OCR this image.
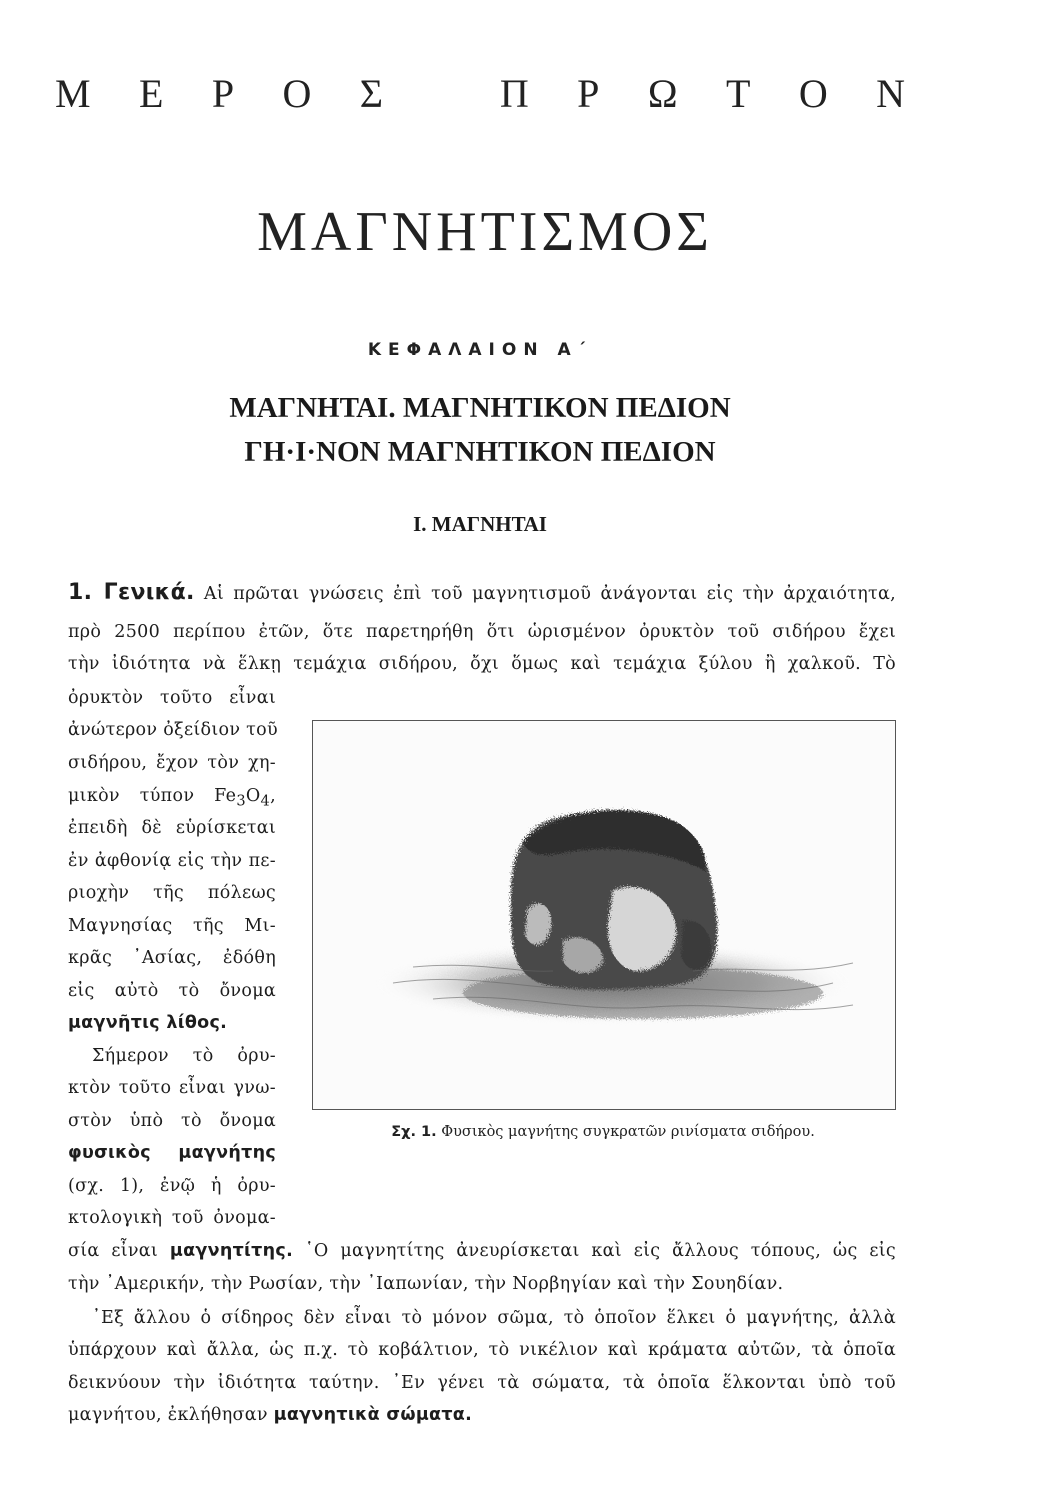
Μ Ε Ρ Ο Σ	Π Ρ Ω Τ Ο Ν
ΜΑΓΝΗΤΙΣΜΟΣ
ΚΕΦΑΛΑΙΟΝ Α΄
ΜΑΓΝΗΤΑΙ. ΜΑΓΝΗΤΙΚΟΝ ΠΕΔΙΟΝ
ΓΗ·Ι·ΝΟΝ ΜΑΓΝΗΤΙΚΟΝ ΠΕΔΙΟΝ
Ι. ΜΑΓΝΗΤΑΙ
1. Γενικά. Αἱ πρῶται γνώσεις ἐπὶ τοῦ μαγνητισμοῦ ἀνάγονται εἰς τὴν ἀρχαιότητα,
πρὸ 2500 περίπου ἐτῶν, ὅτε παρετηρήθη ὅτι ὡρισμένον ὀρυκτὸν τοῦ σιδήρου ἔχει
τὴν ἰδιότητα νὰ ἕλκῃ τεμάχια σιδήρου, ὄχι ὅμως καὶ τεμάχια ξύλου ἢ χαλκοῦ. Τὸ
ὀρυκτὸν τοῦτο εἶναι
ἀνώτερον ὀξείδιον τοῦ
σιδήρου, ἔχον τὸν χη-
μικὸν τύπον $Fe_3O_4$,
ἐπειδὴ δὲ εὑρίσκεται
ἐν ἀφθονίᾳ εἰς τὴν πε-
ριοχὴν τῆς πόλεως
Μαγνησίας τῆς Μι-
κρᾶς ᾿Ασίας, ἐδόθη
εἰς αὐτὸ τὸ ὄνομα
μαγνῆτις λίθος.
Σήμερον τὸ ὀρυ-
κτὸν τοῦτο εἶναι γνω-
στὸν ὑπὸ τὸ ὄνομα
φυσικὸς μαγνήτης
(σχ. 1), ἐνῷ ἡ ὀρυ-
κτολογικὴ τοῦ ὀνομα-
σία εἶναι μαγνητίτης. ῾Ο μαγνητίτης ἀνευρίσκεται καὶ εἰς ἄλλους τόπους, ὡς εἰς
τὴν ᾿Αμερικήν, τὴν Ρωσίαν, τὴν ᾿Ιαπωνίαν, τὴν Νορβηγίαν καὶ τὴν Σουηδίαν.
᾿Εξ ἄλλου ὁ σίδηρος δὲν εἶναι τὸ μόνον σῶμα, τὸ ὁποῖον ἕλκει ὁ μαγνήτης, ἀλλὰ
ὑπάρχουν καὶ ἄλλα, ὡς π.χ. τὸ κοβάλτιον, τὸ νικέλιον καὶ κράματα αὐτῶν, τὰ ὁποῖα
δεικνύουν τὴν ἰδιότητα ταύτην. ᾿Εν γένει τὰ σώματα, τὰ ὁποῖα ἕλκονται ὑπὸ τοῦ
μαγνήτου, ἐκλήθησαν μαγνητικὰ σώματα.
Σχ. 1. Φυσικὸς μαγνήτης συγκρατῶν ρινίσματα σιδήρου.
